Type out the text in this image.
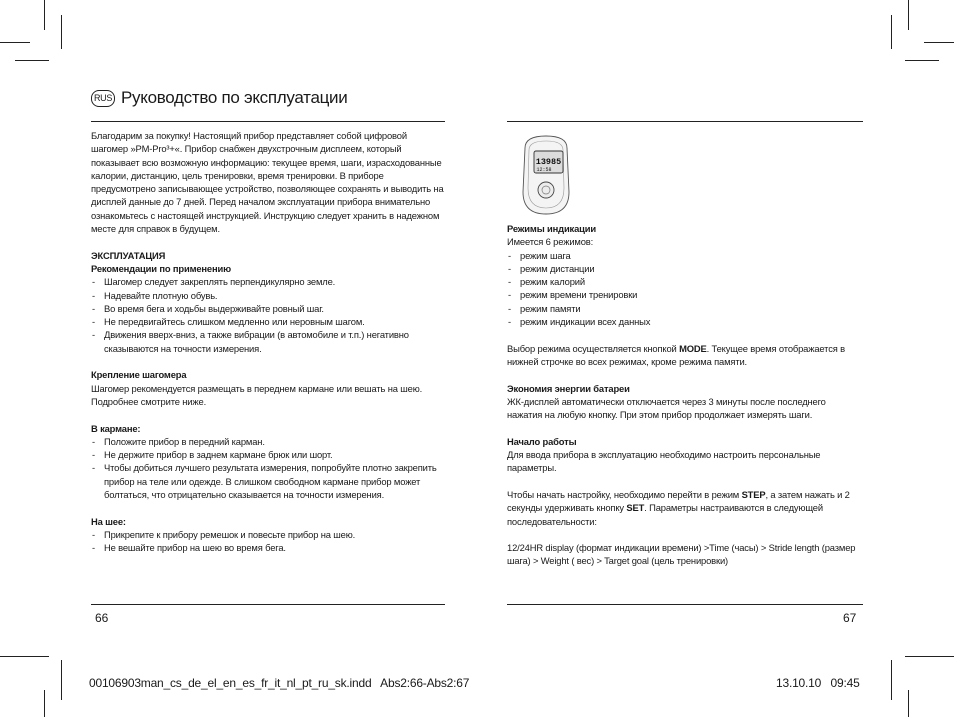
RUS Руководство по эксплуатации

Благодарим за покупку! Настоящий прибор представляет собой цифровой шагомер »PM-Pro³+«. Прибор снабжен двухстрочным дисплеем, который показывает всю возможную информацию: текущее время, шаги, израсходованные калории, дистанцию, цель тренировки, время тренировки. В приборе предусмотрено записывающее устройство, позволяющее сохранять и выводить на дисплей данные до 7 дней. Перед началом эксплуатации прибора внимательно ознакомьтесь с настоящей инструкцией. Инструкцию следует хранить в надежном месте для справок в будущем.

ЭКСПЛУАТАЦИЯ

Рекомендации по применению

- Шагомер следует закреплять перпендикулярно земле.
- Надевайте плотную обувь.
- Во время бега и ходьбы выдерживайте ровный шаг.
- Не передвигайтесь слишком медленно или неровным шагом.
- Движения вверх-вниз, а также вибрации (в автомобиле и т.п.) негативно сказываются на точности измерения.

Крепление шагомера

Шагомер рекомендуется размещать в переднем кармане или вешать на шею. Подробнее смотрите ниже.

В кармане:

- Положите прибор в передний карман.
- Не держите прибор в заднем кармане брюк или шорт.
- Чтобы добиться лучшего результата измерения, попробуйте плотно закрепить прибор на теле или одежде. В слишком свободном кармане прибор может болтаться, что отрицательно сказывается на точности измерения.

На шее:

- Прикрепите к прибору ремешок и повесьте прибор на шею.
- Не вешайте прибор на шею во время бега.
13985
12:58

Режимы индикации

Имеется 6 режимов:

- режим шага
- режим дистанции
- режим калорий
- режим времени тренировки
- режим памяти
- режим индикации всех данных

Выбор режима осуществляется кнопкой MODE. Текущее время отображается в нижней строчке во всех режимах, кроме режима памяти.

Экономия энергии батареи

ЖК-дисплей автоматически отключается через 3 минуты после последнего нажатия на любую кнопку. При этом прибор продолжает измерять шаги.

Начало работы

Для ввода прибора в эксплуатацию необходимо настроить персональные параметры.

Чтобы начать настройку, необходимо перейти в режим STEP, а затем нажать и 2 секунды удерживать кнопку SET. Параметры настраиваются в следующей последовательности:

12/24HR display (формат индикации времени) >Time (часы) > Stride length (размер шага) > Weight ( вес) > Target goal (цель тренировки)

66	67
00106903man_cs_de_el_en_es_fr_it_nl_pt_ru_sk.indd   Abs2:66-Abs2:67	13.10.10   09:45
